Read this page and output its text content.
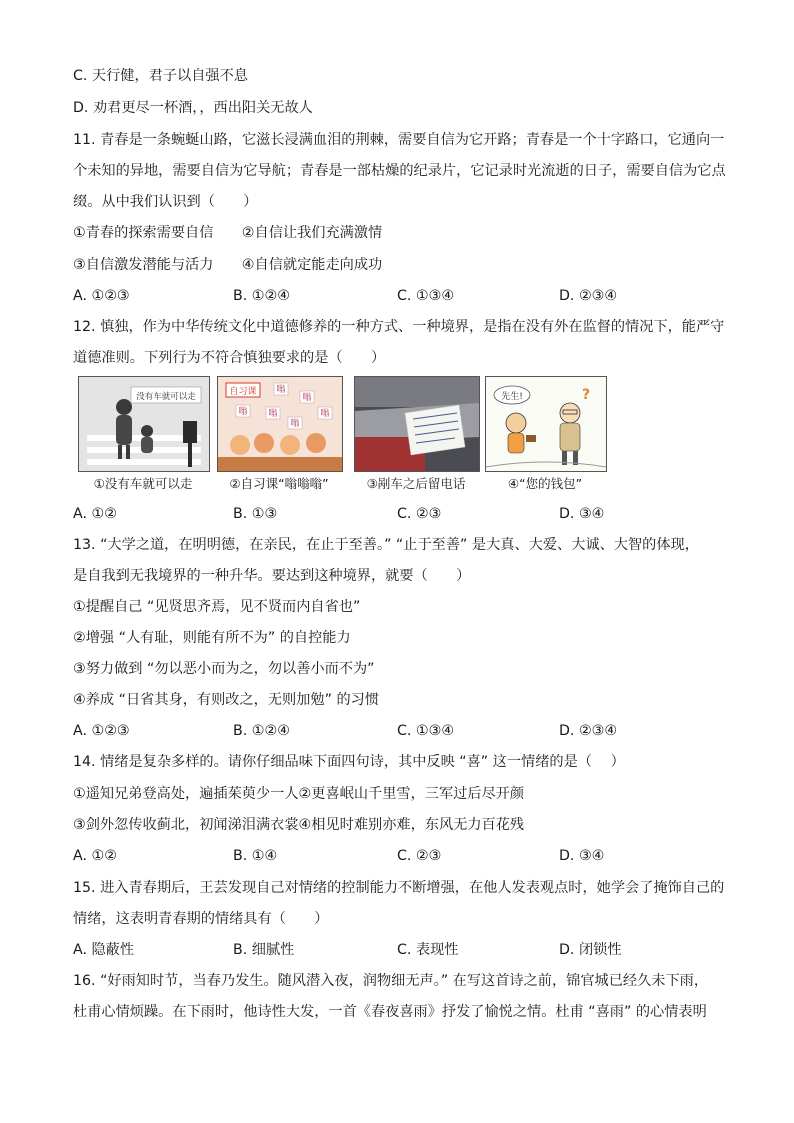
C. 天行健，君子以自强不息
D. 劝君更尽一杯酒，，西出阳关无故人
11. 青春是一条蜿蜒山路，它滋长浸满血泪的荆棘，需要自信为它开路；青春是一个十字路口，它通向一
个未知的异地，需要自信为它导航；青春是一部枯燥的纪录片，它记录时光流逝的日子，需要自信为它点
缀。从中我们认识到（　　）
①青春的探索需要自信　　②自信让我们充满激情
③自信激发潜能与活力　　④自信就定能走向成功
A. ①②③	B. ①②④	C. ①③④	D. ②③④
12. 慎独，作为中华传统文化中道德修养的一种方式、一种境界，是指在没有外在监督的情况下，能严守
道德准则。下列行为不符合慎独要求的是（　　）
没有车就可以走
①没有车就可以走
自习课 嗡
嗡
嗡
嗡
嗡
嗡
②自习课“嗡嗡嗡”	③剐车之后留电话
先生!	?
④“您的钱包”
A. ①②	B. ①③	C. ②③	D. ③④
13. “大学之道，在明明德，在亲民，在止于至善。” “止于至善” 是大真、大爱、大诚、大智的体现，
是自我到无我境界的一种升华。要达到这种境界，就要（　　）
①提醒自己 “见贤思齐焉，见不贤而内自省也”
②增强 “人有耻，则能有所不为” 的自控能力
③努力做到 “勿以恶小而为之，勿以善小而不为”
④养成 “日省其身，有则改之，无则加勉” 的习惯
A. ①②③	B. ①②④	C. ①③④	D. ②③④
14. 情绪是复杂多样的。请你仔细品味下面四句诗，其中反映 “喜” 这一情绪的是（　 ）
①遥知兄弟登高处，遍插茱萸少一人②更喜岷山千里雪，三军过后尽开颜
③剑外忽传收蓟北，初闻涕泪满衣裳④相见时难别亦难，东风无力百花残
A. ①②	B. ①④	C. ②③	D. ③④
15. 进入青春期后，王芸发现自己对情绪的控制能力不断增强，在他人发表观点时，她学会了掩饰自己的
情绪，这表明青春期的情绪具有（　　）
A. 隐蔽性	B. 细腻性	C. 表现性	D. 闭锁性
16. “好雨知时节，当春乃发生。随风潜入夜，润物细无声。” 在写这首诗之前，锦官城已经久未下雨，
杜甫心情烦躁。在下雨时，他诗性大发，一首《春夜喜雨》抒发了愉悦之情。杜甫 “喜雨” 的心情表明
